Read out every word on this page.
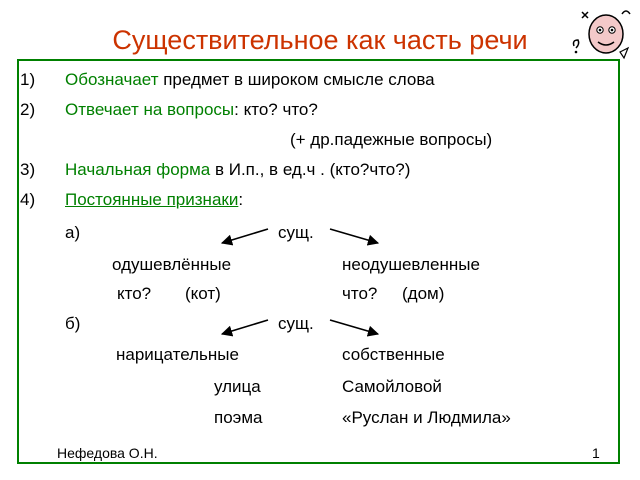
Существительное как часть речи
1) Обозначает предмет в широком смысле слова
2) Отвечает на вопросы: кто? что?
(+ др.падежные вопросы)
3) Начальная форма в И.п., в ед.ч . (кто?что?)
4) Постоянные признаки:
а)	сущ.
одушевлённые	неодушевленные
кто? (кот)	что? (дом)
б)	сущ.
нарицательные	собственные
улица	Самойловой
поэма	«Руслан и Людмила»
Нефедова О.Н.	1
